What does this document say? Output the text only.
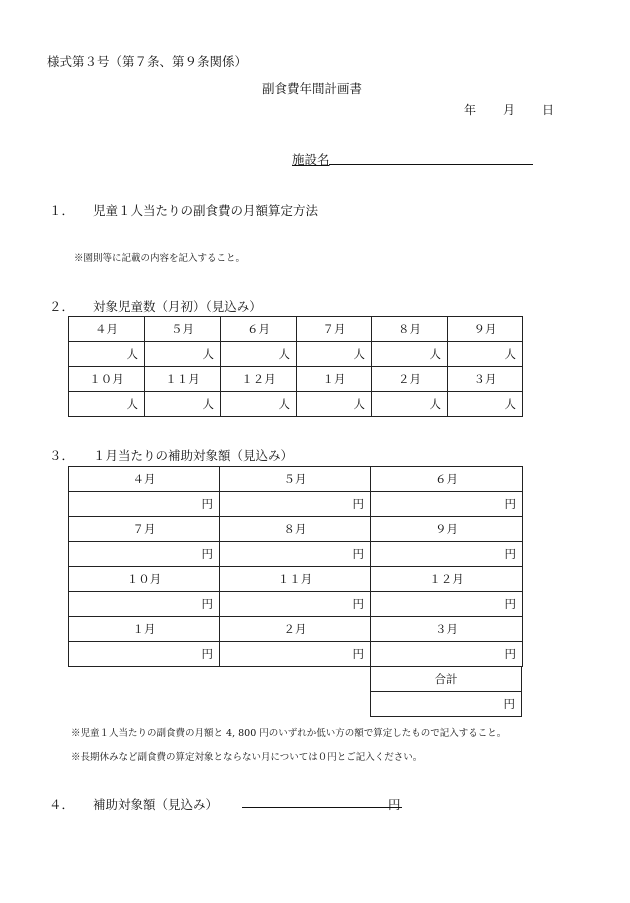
様式第３号（第７条、第９条関係）
副食費年間計画書
年 月 日
施設名
１． 児童１人当たりの副食費の月額算定方法
※園則等に記載の内容を記入すること。
２． 対象児童数（月初）（見込み）
４月	５月	６月	７月	８月	９月
人	人	人	人	人	人
１０月	１１月	１２月	１月	２月	３月
人	人	人	人	人	人
３． １月当たりの補助対象額（見込み）
４月	５月	６月
円	円	円
７月	８月	９月
円	円	円
１０月	１１月	１２月
円	円	円
１月	２月	３月
円	円	円
合計
円
※児童１人当たりの副食費の月額と 4, 800 円のいずれか低い方の額で算定したもので記入すること。
※長期休みなど副食費の算定対象とならない月については０円とご記入ください。
４． 補助対象額（見込み）	円
